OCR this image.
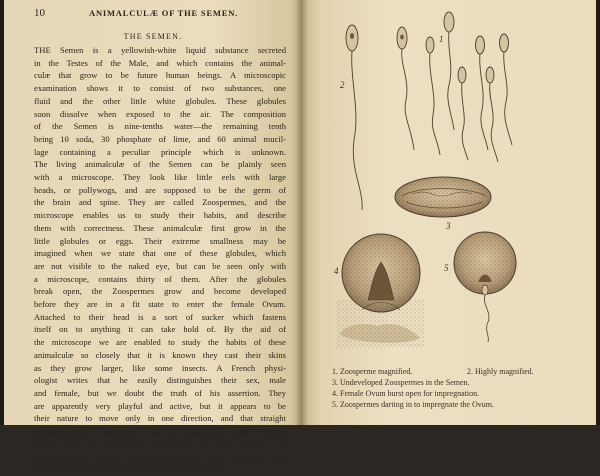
10	ANIMALCULÆ OF THE SEMEN.
THE SEMEN.
THE Semen is a yellowish-white liquid substance secreted
in the Testes of the Male, and which contains the animal-
culæ that grow to be future human beings. A microscopic
examination shows it to consist of two substances, one
fluid and the other little white globules. These globules
soon dissolve when exposed to the air. The composition
of the Semen is nine-tenths water—the remaining tenth
being 10 soda, 30 phosphate of lime, and 60 animal mucil-
lage containing a peculiar principle which is unknown.
The living animalculæ of the Semen can be plainly seen
with a microscope. They look like little eels with large
heads, or pollywogs, and are supposed to be the germ of
the brain and spine. They are called Zoospermes, and the
microscope enables us to study their habits, and describe
them with correctness. These animalculæ first grow in the
little globules or eggs. Their extreme smallness may be
imagined when we state that one of these globules, which
are not visible to the naked eye, but can be seen only with
a microscope, contains thirty of them. After the globules
break open, the Zoospermes grow and become developed
before they are in a fit state to enter the female Ovum.
Attached to their head is a sort of sucker which fastens
itself on to anything it can take hold of. By the aid of
the microscope we are enabled to study the habits of these
animalculæ so closely that it is known they cast their skins
as they grow larger, like some insects. A French physi-
ologist writes that he easily distinguishes their sex, male
and female, but we doubt the truth of his assertion. They
are apparently very playful and active, but it appears to be
their nature to move only in one direction, and that straight
forward—which movement has a connection with impreg-
nation that is explained elsewhere in these pages. In
watching the motions of these curious little creatures, we
find that combats frequently occur among them. They
1
2
3
4	5
1. Zoosperme magnified.	2. Highly magnified.
3. Undeveloped Zoospermes in the Semen.
4. Female Ovum burst open for impregnation.
5. Zoospermes darting in to impregnate the Ovum.
